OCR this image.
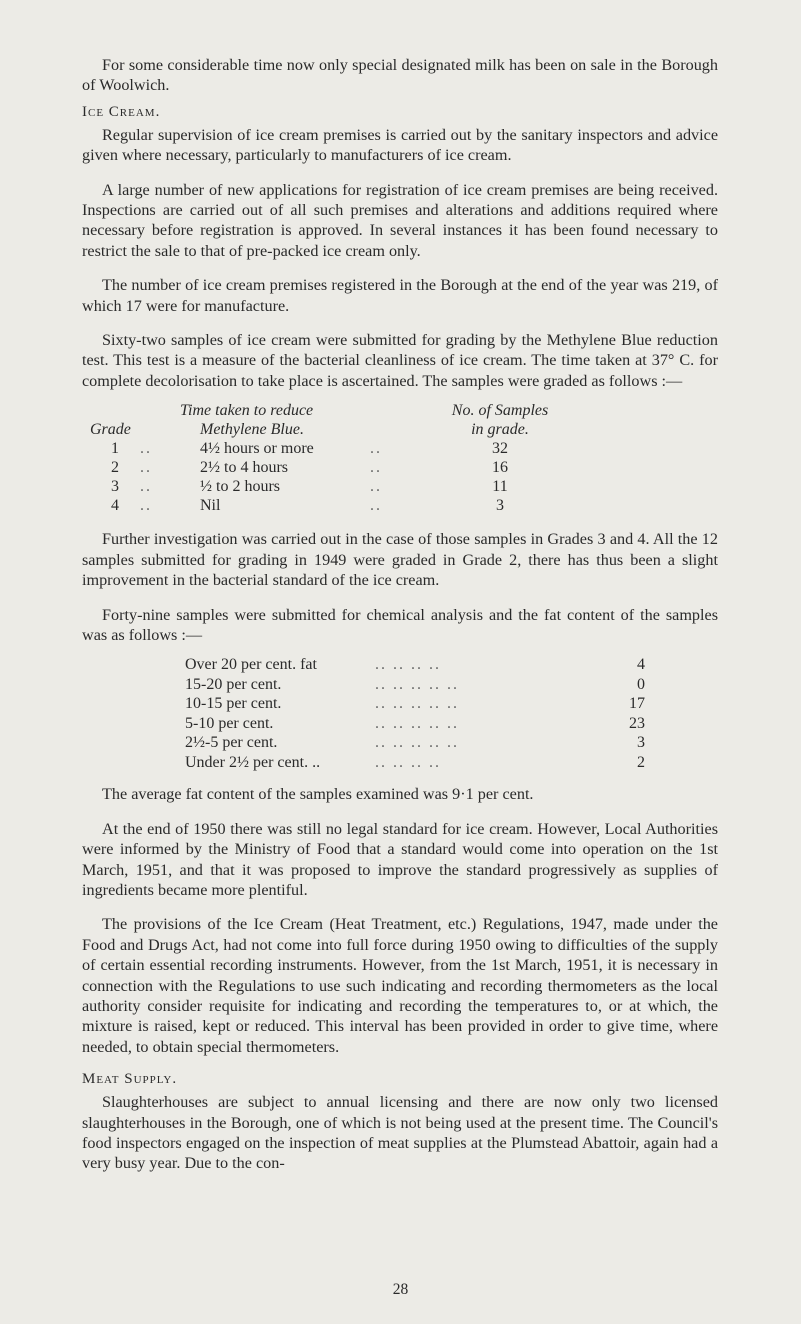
For some considerable time now only special designated milk has been on sale in the Borough of Woolwich.

Ice Cream.

Regular supervision of ice cream premises is carried out by the sanitary inspectors and advice given where necessary, particularly to manufacturers of ice cream.

A large number of new applications for registration of ice cream premises are being received. Inspections are carried out of all such premises and alterations and additions required where necessary before registration is approved. In several instances it has been found necessary to restrict the sale to that of pre-packed ice cream only.

The number of ice cream premises registered in the Borough at the end of the year was 219, of which 17 were for manufacture.

Sixty-two samples of ice cream were submitted for grading by the Methylene Blue reduction test. This test is a measure of the bacterial cleanliness of ice cream. The time taken at 37° C. for complete decolorisation to take place is ascertained. The samples were graded as follows :—

		Time taken to reduce		No. of Samples
Grade		Methylene Blue.		in grade.
1	..	4½ hours or more	..	32
2	..	2½ to 4 hours	..	16
3	..	½ to 2 hours	..	11
4	..	Nil	..	3

Further investigation was carried out in the case of those samples in Grades 3 and 4. All the 12 samples submitted for grading in 1949 were graded in Grade 2, there has thus been a slight improvement in the bacterial standard of the ice cream.

Forty-nine samples were submitted for chemical analysis and the fat content of the samples was as follows :—

Over 20 per cent. fat	.. .. .. ..	4
15-20 per cent.	.. .. .. .. ..	0
10-15 per cent.	.. .. .. .. ..	17
5-10 per cent.	.. .. .. .. ..	23
2½-5 per cent.	.. .. .. .. ..	3
Under 2½ per cent. ..	.. .. .. ..	2

The average fat content of the samples examined was 9·1 per cent.

At the end of 1950 there was still no legal standard for ice cream. However, Local Authorities were informed by the Ministry of Food that a standard would come into operation on the 1st March, 1951, and that it was proposed to improve the standard progressively as supplies of ingredients became more plentiful.

The provisions of the Ice Cream (Heat Treatment, etc.) Regulations, 1947, made under the Food and Drugs Act, had not come into full force during 1950 owing to difficulties of the supply of certain essential recording instruments. However, from the 1st March, 1951, it is necessary in connection with the Regulations to use such indicating and recording thermometers as the local authority consider requisite for indicating and recording the temperatures to, or at which, the mixture is raised, kept or reduced. This interval has been provided in order to give time, where needed, to obtain special thermometers.

Meat Supply.

Slaughterhouses are subject to annual licensing and there are now only two licensed slaughterhouses in the Borough, one of which is not being used at the present time. The Council's food inspectors engaged on the inspection of meat supplies at the Plumstead Abattoir, again had a very busy year. Due to the con-

28
